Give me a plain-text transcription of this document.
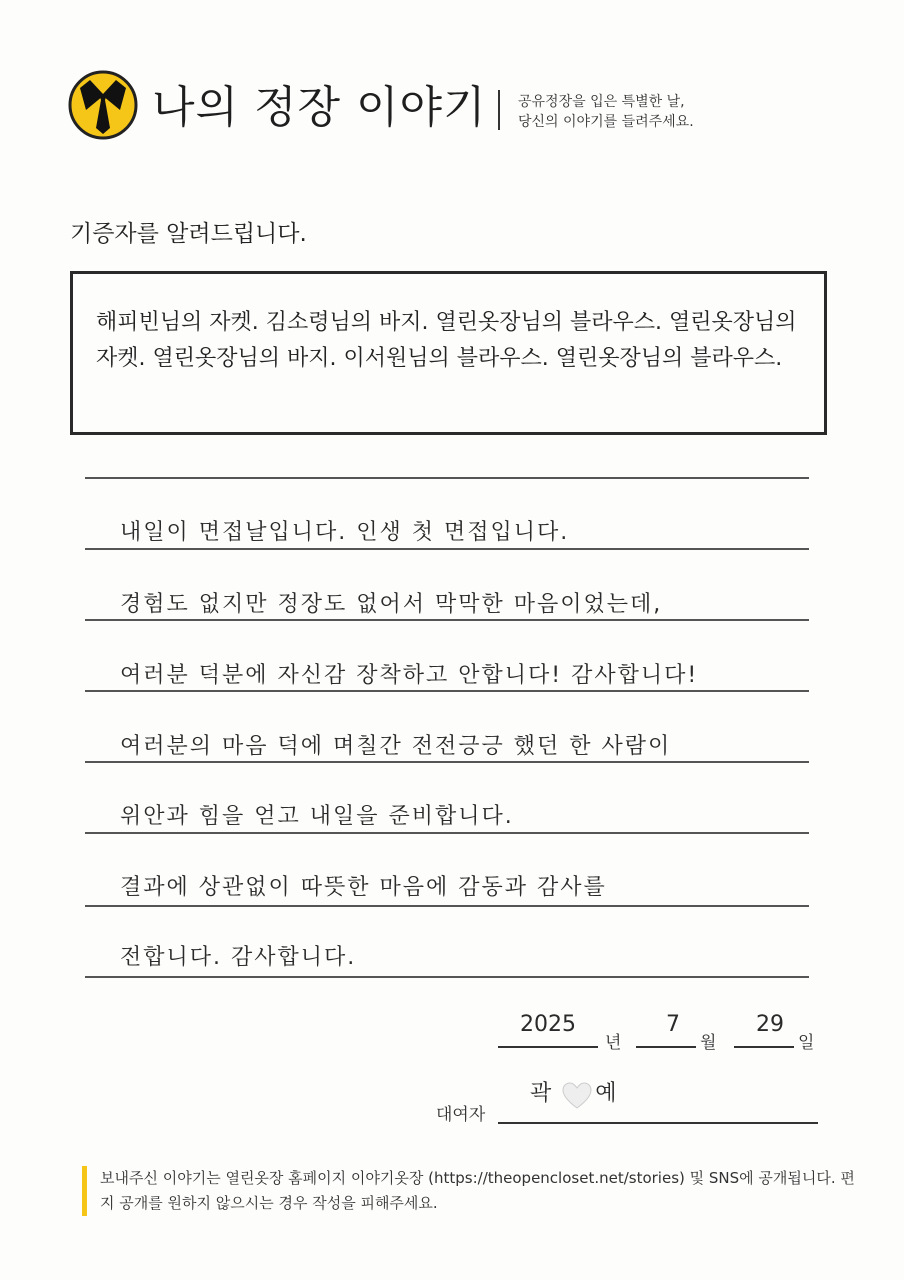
나의 정장 이야기 공유정장을 입은 특별한 날,
당신의 이야기를 들려주세요.
기증자를 알려드립니다.
해피빈님의 자켓. 김소령님의 바지. 열린옷장님의 블라우스. 열린옷장님의 자켓. 열린옷장님의 바지. 이서원님의 블라우스. 열린옷장님의 블라우스.
내일이 면접날입니다. 인생 첫 면접입니다.
경험도 없지만 정장도 없어서 막막한 마음이었는데,
여러분 덕분에 자신감 장착하고 안합니다! 감사합니다!
여러분의 마음 덕에 며칠간 전전긍긍 했던 한 사람이
위안과 힘을 얻고 내일을 준비합니다.
결과에 상관없이 따뜻한 마음에 감동과 감사를
전합니다. 감사합니다.
2025
년
7
월
29
일
대여자
곽 예
보내주신 이야기는 열린옷장 홈페이지 이야기옷장 (https://theopencloset.net/stories) 및 SNS에 공개됩니다. 편지 공개를 원하지 않으시는 경우 작성을 피해주세요.
